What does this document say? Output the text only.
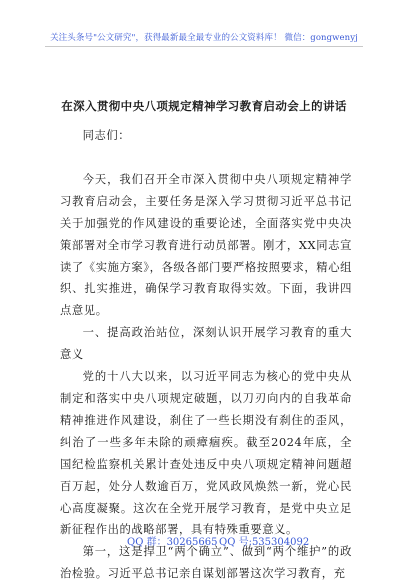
关注头条号"公文研究"，获得最新最全最专业的公文资料库！ 微信：gongwenyj
在深入贯彻中央八项规定精神学习教育启动会上的讲话

同志们：

今天，我们召开全市深入贯彻中央八项规定精神学习教育启动会，主要任务是深入学习贯彻习近平总书记关于加强党的作风建设的重要论述，全面落实党中央决策部署对全市学习教育进行动员部署。刚才，XX同志宣读了《实施方案》，各级各部门要严格按照要求，精心组织、扎实推进，确保学习教育取得实效。下面，我讲四点意见。

一、提高政治站位，深刻认识开展学习教育的重大意义

党的十八大以来，以习近平同志为核心的党中央从制定和落实中央八项规定破题，以刀刃向内的自我革命精神推进作风建设，刹住了一些长期没有刹住的歪风，纠治了一些多年未除的顽瘴痼疾。截至2024年底，全国纪检监察机关累计查处违反中央八项规定精神问题超百万起，处分人数逾百万，党风政风焕然一新，党心民心高度凝聚。这次在全党开展学习教育，是党中央立足新征程作出的战略部署，具有特殊重要意义。

第一，这是捍卫“两个确立”、做到“两个维护”的政治检验。习近平总书记亲自谋划部署这次学习教育，充

QQ 群：30265665 QQ 号:535304092
